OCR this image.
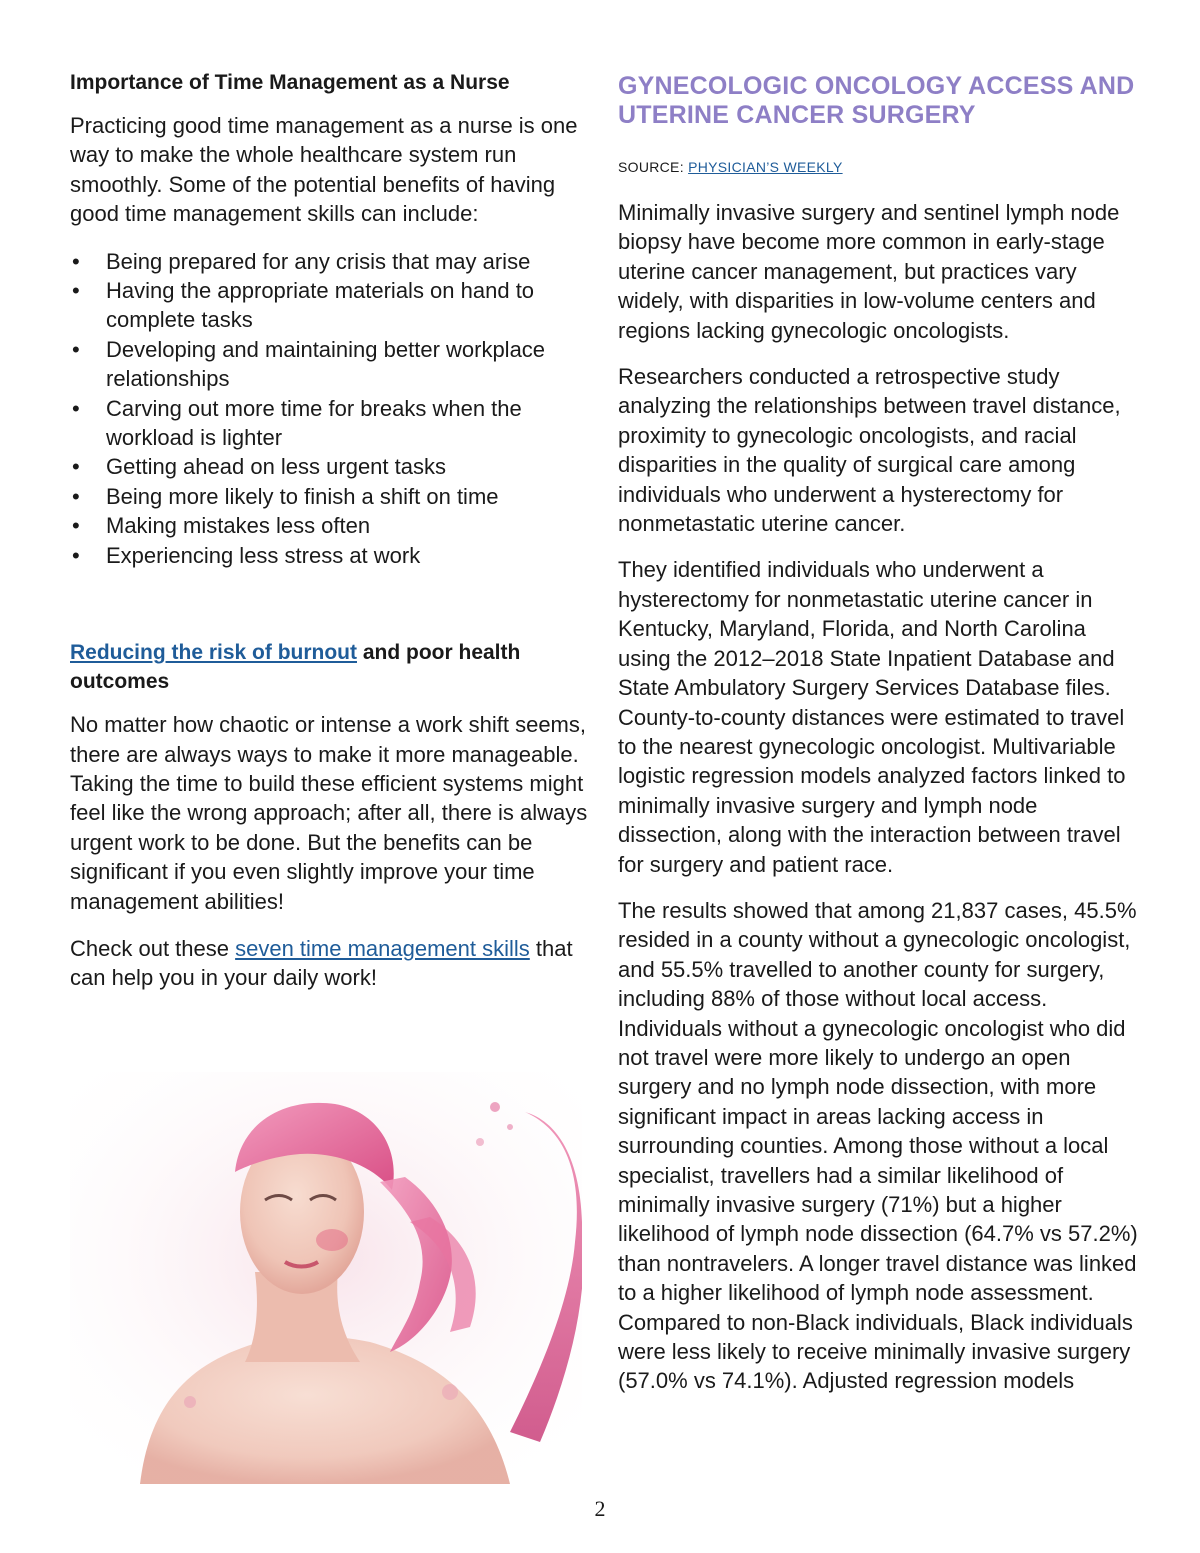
Importance of Time Management as a Nurse

Practicing good time management as a nurse is one way to make the whole healthcare system run smoothly. Some of the potential benefits of having good time management skills can include:

• Being prepared for any crisis that may arise
• Having the appropriate materials on hand to complete tasks
• Developing and maintaining better workplace relationships
• Carving out more time for breaks when the workload is lighter
• Getting ahead on less urgent tasks
• Being more likely to finish a shift on time
• Making mistakes less often
• Experiencing less stress at work
Reducing the risk of burnout and poor health outcomes

No matter how chaotic or intense a work shift seems, there are always ways to make it more manageable. Taking the time to build these efficient systems might feel like the wrong approach; after all, there is always urgent work to be done. But the benefits can be significant if you even slightly improve your time management abilities!

Check out these seven time management skills that can help you in your daily work!

GYNECOLOGIC ONCOLOGY ACCESS AND UTERINE CANCER SURGERY
SOURCE: PHYSICIAN’S WEEKLY

Minimally invasive surgery and sentinel lymph node biopsy have become more common in early-stage uterine cancer management, but practices vary widely, with disparities in low-volume centers and regions lacking gynecologic oncologists.

Researchers conducted a retrospective study analyzing the relationships between travel distance, proximity to gynecologic oncologists, and racial disparities in the quality of surgical care among individuals who underwent a hysterectomy for nonmetastatic uterine cancer.

They identified individuals who underwent a hysterectomy for nonmetastatic uterine cancer in Kentucky, Maryland, Florida, and North Carolina using the 2012–2018 State Inpatient Database and State Ambulatory Surgery Services Database files. County-to-county distances were estimated to travel to the nearest gynecologic oncologist. Multivariable logistic regression models analyzed factors linked to minimally invasive surgery and lymph node dissection, along with the interaction between travel for surgery and patient race.

The results showed that among 21,837 cases, 45.5% resided in a county without a gynecologic oncologist, and 55.5% travelled to another county for surgery, including 88% of those without local access. Individuals without a gynecologic oncologist who did not travel were more likely to undergo an open surgery and no lymph node dissection, with more significant impact in areas lacking access in surrounding counties. Among those without a local specialist, travellers had a similar likelihood of minimally invasive surgery (71%) but a higher likelihood of lymph node dissection (64.7% vs 57.2%) than nontravelers. A longer travel distance was linked to a higher likelihood of lymph node assessment. Compared to non-Black individuals, Black individuals were less likely to receive minimally invasive surgery (57.0% vs 74.1%). Adjusted regression models

2
